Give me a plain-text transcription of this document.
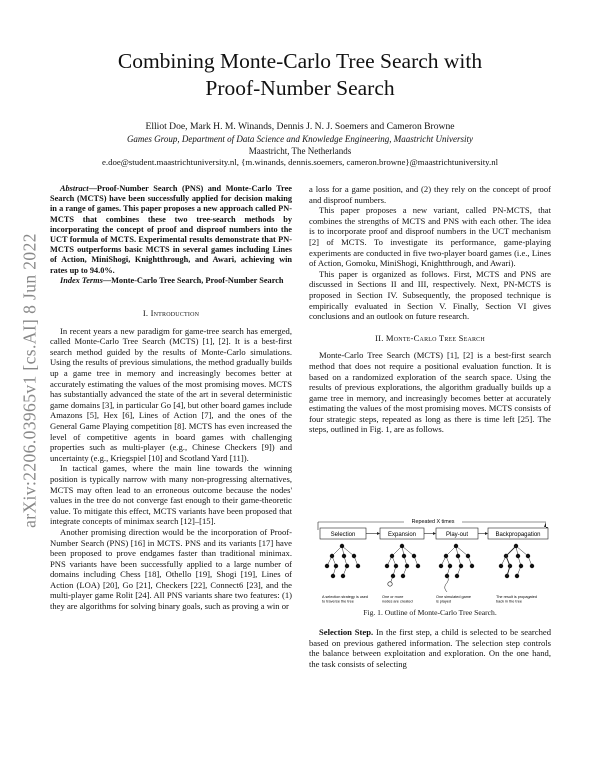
arXiv:2206.03965v1 [cs.AI] 8 Jun 2022
Combining Monte-Carlo Tree Search with
Proof-Number Search
Elliot Doe, Mark H. M. Winands, Dennis J. N. J. Soemers and Cameron Browne
Games Group, Department of Data Science and Knowledge Engineering, Maastricht University
Maastricht, The Netherlands
e.doe@student.maastrichtuniversity.nl, {m.winands, dennis.soemers, cameron.browne}@maastrichtuniversity.nl

Abstract—Proof-Number Search (PNS) and Monte-Carlo Tree Search (MCTS) have been successfully applied for decision making in a range of games. This paper proposes a new approach called PN-MCTS that combines these two tree-search methods by incorporating the concept of proof and disproof numbers into the UCT formula of MCTS. Experimental results demonstrate that PN-MCTS outperforms basic MCTS in several games including Lines of Action, MiniShogi, Knightthrough, and Awari, achieving win rates up to 94.0%.

Index Terms—Monte-Carlo Tree Search, Proof-Number Search

I. Introduction

In recent years a new paradigm for game-tree search has emerged, called Monte-Carlo Tree Search (MCTS) [1], [2]. It is a best-first search method guided by the results of Monte-Carlo simulations. Using the results of previous simulations, the method gradually builds up a game tree in memory and increasingly becomes better at accurately estimating the values of the most promising moves. MCTS has substantially advanced the state of the art in several deterministic game domains [3], in particular Go [4], but other board games include Amazons [5], Hex [6], Lines of Action [7], and the ones of the General Game Playing competition [8]. MCTS has even increased the level of competitive agents in board games with challenging properties such as multi-player (e.g., Chinese Checkers [9]) and uncertainty (e.g., Kriegspiel [10] and Scotland Yard [11]).

In tactical games, where the main line towards the winning position is typically narrow with many non-progressing alternatives, MCTS may often lead to an erroneous outcome because the nodes' values in the tree do not converge fast enough to their game-theoretic value. To mitigate this effect, MCTS variants have been proposed that integrate concepts of minimax search [12]–[15].

Another promising direction would be the incorporation of Proof-Number Search (PNS) [16] in MCTS. PNS and its variants [17] have been proposed to prove endgames faster than traditional minimax. PNS variants have been successfully applied to a large number of domains including Chess [18], Othello [19], Shogi [19], Lines of Action (LOA) [20], Go [21], Checkers [22], Connect6 [23], and the multi-player game Rolit [24]. All PNS variants share two features: (1) they are algorithms for solving binary goals, such as proving a win or

a loss for a game position, and (2) they rely on the concept of proof and disproof numbers.

This paper proposes a new variant, called PN-MCTS, that combines the strengths of MCTS and PNS with each other. The idea is to incorporate proof and disproof numbers in the UCT mechanism [2] of MCTS. To investigate its performance, game-playing experiments are conducted in five two-player board games (i.e., Lines of Action, Gomoku, MiniShogi, Knightthrough, and Awari).

This paper is organized as follows. First, MCTS and PNS are discussed in Sections II and III, respectively. Next, PN-MCTS is proposed in Section IV. Subsequently, the proposed technique is empirically evaluated in Section V. Finally, Section VI gives conclusions and an outlook on future research.

II. Monte-Carlo Tree Search

Monte-Carlo Tree Search (MCTS) [1], [2] is a best-first search method that does not require a positional evaluation function. It is based on a randomized exploration of the search space. Using the results of previous explorations, the algorithm gradually builds up a game tree in memory, and increasingly becomes better at accurately estimating the values of the most promising moves. MCTS consists of four strategic steps, repeated as long as there is time left [25]. The steps, outlined in Fig. 1, are as follows.

Repeated X times
Selection	Expansion	Play-out	Backpropagation
A selection strategy is used to traverse the tree
One or more nodes are created
One simulated game is played
The result is propagated back in the tree
Fig. 1. Outline of Monte-Carlo Tree Search.

Selection Step. In the first step, a child is selected to be searched based on previous gathered information. The selection step controls the balance between exploitation and exploration. On the one hand, the task consists of selecting
